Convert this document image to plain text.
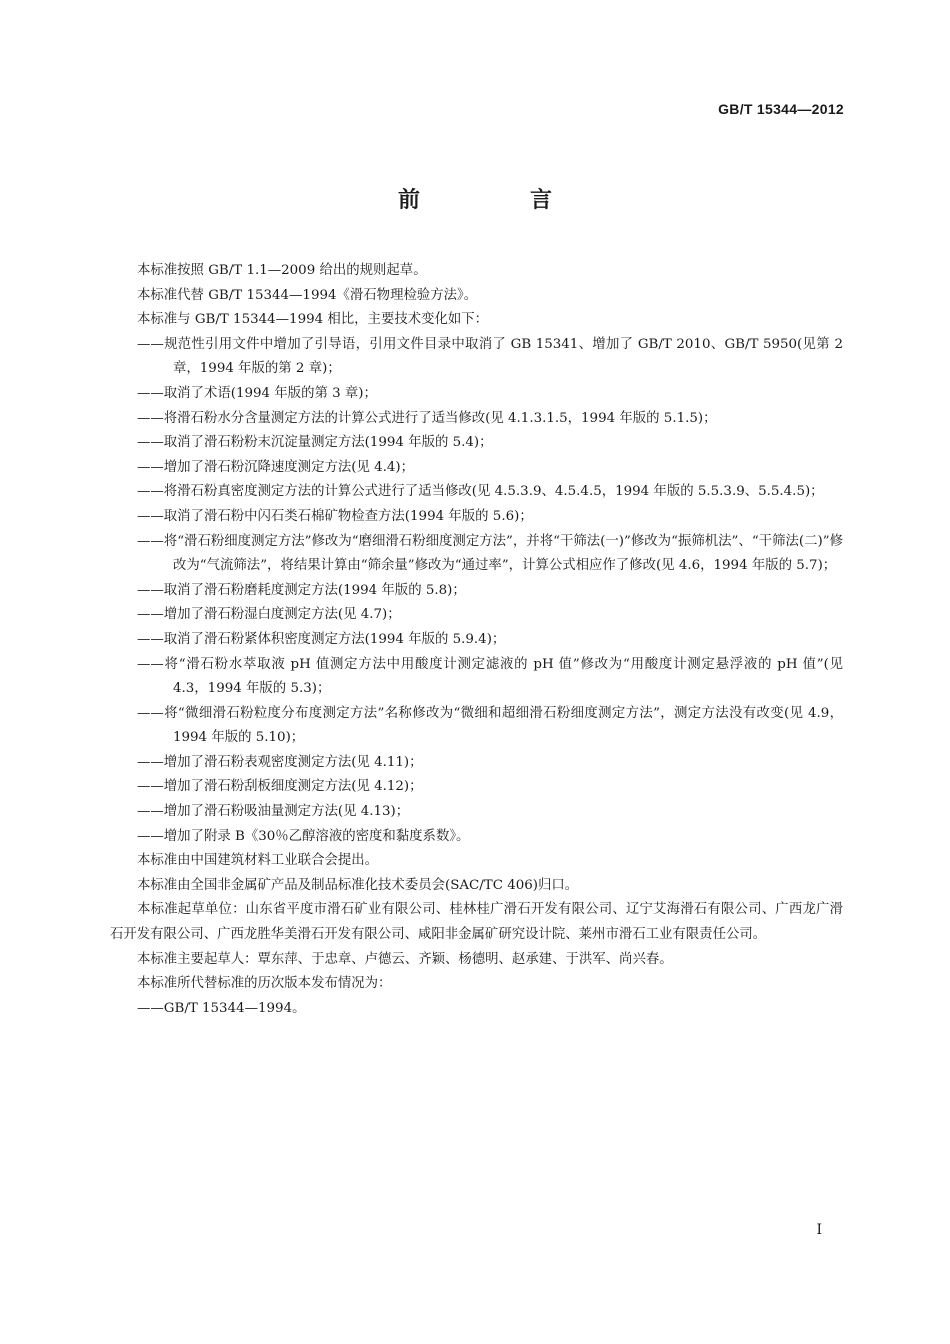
GB/T 15344—2012
前　言

本标准按照 GB/T 1.1—2009 给出的规则起草。

本标准代替 GB/T 15344—1994《滑石物理检验方法》。

本标准与 GB/T 15344—1994 相比，主要技术变化如下：

——规范性引用文件中增加了引导语，引用文件目录中取消了 GB 15341、增加了 GB/T 2010、GB/T 5950(见第 2 章，1994 年版的第 2 章)；

——取消了术语(1994 年版的第 3 章)；

——将滑石粉水分含量测定方法的计算公式进行了适当修改(见 4.1.3.1.5，1994 年版的 5.1.5)；

——取消了滑石粉粉末沉淀量测定方法(1994 年版的 5.4)；

——增加了滑石粉沉降速度测定方法(见 4.4)；

——将滑石粉真密度测定方法的计算公式进行了适当修改(见 4.5.3.9、4.5.4.5，1994 年版的 5.5.3.9、5.5.4.5)；

——取消了滑石粉中闪石类石棉矿物检查方法(1994 年版的 5.6)；

——将“滑石粉细度测定方法”修改为“磨细滑石粉细度测定方法”，并将“干筛法(一)”修改为“振筛机法”、“干筛法(二)”修改为“气流筛法”，将结果计算由“筛余量”修改为“通过率”，计算公式相应作了修改(见 4.6，1994 年版的 5.7)；

——取消了滑石粉磨耗度测定方法(1994 年版的 5.8)；

——增加了滑石粉湿白度测定方法(见 4.7)；

——取消了滑石粉紧体积密度测定方法(1994 年版的 5.9.4)；

——将“滑石粉水萃取液 pH 值测定方法中用酸度计测定滤液的 pH 值”修改为“用酸度计测定悬浮液的 pH 值”(见 4.3，1994 年版的 5.3)；

——将“微细滑石粉粒度分布度测定方法”名称修改为“微细和超细滑石粉细度测定方法”，测定方法没有改变(见 4.9，1994 年版的 5.10)；

——增加了滑石粉表观密度测定方法(见 4.11)；

——增加了滑石粉刮板细度测定方法(见 4.12)；

——增加了滑石粉吸油量测定方法(见 4.13)；

——增加了附录 B《30％乙醇溶液的密度和黏度系数》。

本标准由中国建筑材料工业联合会提出。

本标准由全国非金属矿产品及制品标准化技术委员会(SAC/TC 406)归口。

本标准起草单位：山东省平度市滑石矿业有限公司、桂林桂广滑石开发有限公司、辽宁艾海滑石有限公司、广西龙广滑石开发有限公司、广西龙胜华美滑石开发有限公司、咸阳非金属矿研究设计院、莱州市滑石工业有限责任公司。

本标准主要起草人：覃东萍、于忠章、卢德云、齐颖、杨德明、赵承建、于洪军、尚兴春。

本标准所代替标准的历次版本发布情况为：

——GB/T 15344—1994。

I
